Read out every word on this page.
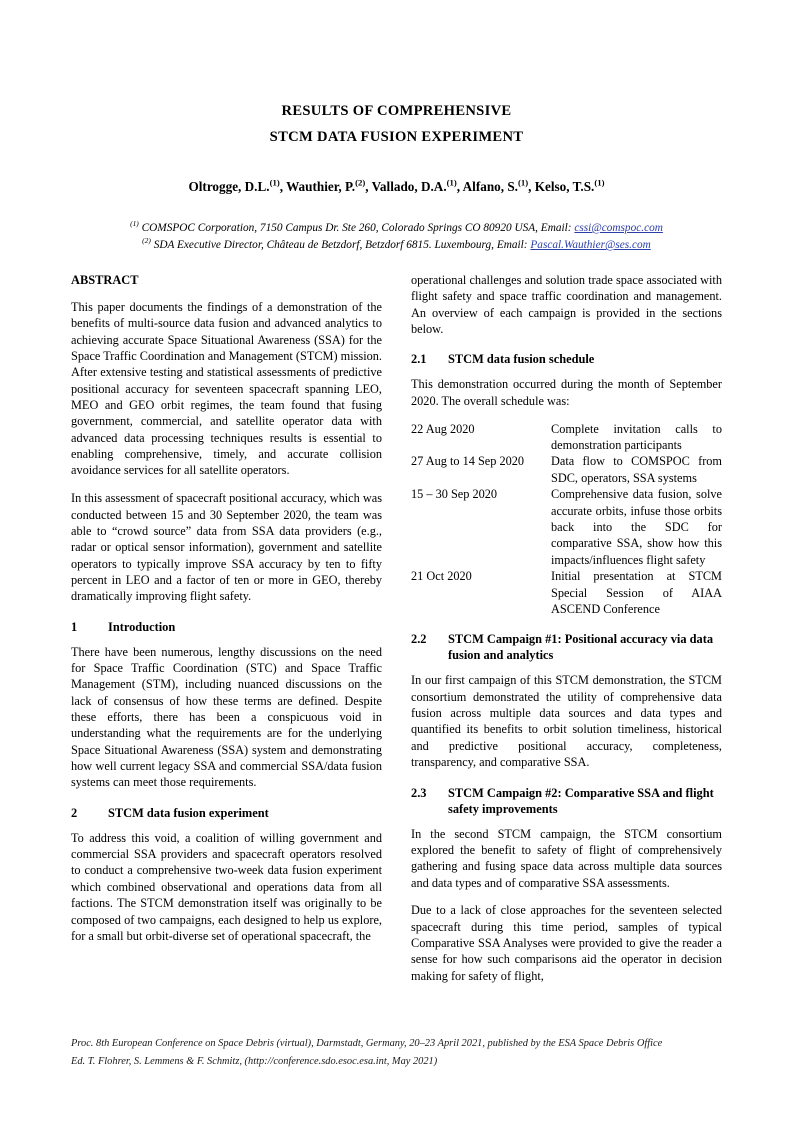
RESULTS OF COMPREHENSIVE
STCM DATA FUSION EXPERIMENT
Oltrogge, D.L.$^{(1)}$, Wauthier, P.$^{(2)}$, Vallado, D.A.$^{(1)}$, Alfano, S.$^{(1)}$, Kelso, T.S.$^{(1)}$
$^{(1)}$ COMSPOC Corporation, 7150 Campus Dr. Ste 260, Colorado Springs CO 80920 USA, Email: cssi@comspoc.com
$^{(2)}$ SDA Executive Director, Château de Betzdorf, Betzdorf 6815. Luxembourg, Email: Pascal.Wauthier@ses.com
ABSTRACT

This paper documents the findings of a demonstration of the benefits of multi-source data fusion and advanced analytics to achieving accurate Space Situational Awareness (SSA) for the Space Traffic Coordination and Management (STCM) mission. After extensive testing and statistical assessments of predictive positional accuracy for seventeen spacecraft spanning LEO, MEO and GEO orbit regimes, the team found that fusing government, commercial, and satellite operator data with advanced data processing techniques results is essential to enabling comprehensive, timely, and accurate collision avoidance services for all satellite operators.

In this assessment of spacecraft positional accuracy, which was conducted between 15 and 30 September 2020, the team was able to “crowd source” data from SSA data providers (e.g., radar or optical sensor information), government and satellite operators to typically improve SSA accuracy by ten to fifty percent in LEO and a factor of ten or more in GEO, thereby dramatically improving flight safety.

1	Introduction

There have been numerous, lengthy discussions on the need for Space Traffic Coordination (STC) and Space Traffic Management (STM), including nuanced discussions on the lack of consensus of how these terms are defined. Despite these efforts, there has been a conspicuous void in understanding what the requirements are for the underlying Space Situational Awareness (SSA) system and demonstrating how well current legacy SSA and commercial SSA/data fusion systems can meet those requirements.

2	STCM data fusion experiment

To address this void, a coalition of willing government and commercial SSA providers and spacecraft operators resolved to conduct a comprehensive two-week data fusion experiment which combined observational and operations data from all factions. The STCM demonstration itself was originally to be composed of two campaigns, each designed to help us explore, for a small but orbit-diverse set of operational spacecraft, the

operational challenges and solution trade space associated with flight safety and space traffic coordination and management. An overview of each campaign is provided in the sections below.

2.1	STCM data fusion schedule

This demonstration occurred during the month of September 2020. The overall schedule was:

22 Aug 2020	Complete invitation calls to demonstration participants
27 Aug to 14 Sep 2020	Data flow to COMSPOC from SDC, operators, SSA systems
15 – 30 Sep 2020	Comprehensive data fusion, solve accurate orbits, infuse those orbits back into the SDC for comparative SSA, show how this impacts/influences flight safety
21 Oct 2020	Initial presentation at STCM Special Session of AIAA ASCEND Conference
2.2	STCM Campaign #1: Positional accuracy via data fusion and analytics

In our first campaign of this STCM demonstration, the STCM consortium demonstrated the utility of comprehensive data fusion across multiple data sources and data types and quantified its benefits to orbit solution timeliness, historical and predictive positional accuracy, completeness, transparency, and comparative SSA.

2.3	STCM Campaign #2: Comparative SSA and flight safety improvements

In the second STCM campaign, the STCM consortium explored the benefit to safety of flight of comprehensively gathering and fusing space data across multiple data sources and data types and of comparative SSA assessments.

Due to a lack of close approaches for the seventeen selected spacecraft during this time period, samples of typical Comparative SSA Analyses were provided to give the reader a sense for how such comparisons aid the operator in decision making for safety of flight,

Proc. 8th European Conference on Space Debris (virtual), Darmstadt, Germany, 20–23 April 2021, published by the ESA Space Debris Office
Ed. T. Flohrer, S. Lemmens & F. Schmitz, (http://conference.sdo.esoc.esa.int, May 2021)
